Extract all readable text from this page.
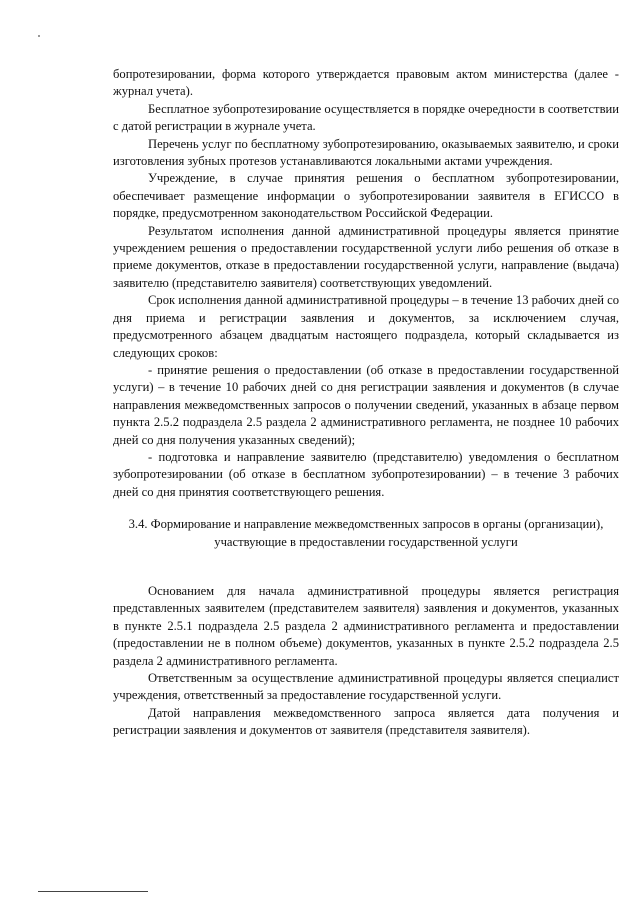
бопротезировании, форма которого утверждается правовым актом министерства (далее - журнал учета).

Бесплатное зубопротезирование осуществляется в порядке очередности в соответствии с датой регистрации в журнале учета.

Перечень услуг по бесплатному зубопротезированию, оказываемых заявителю, и сроки изготовления зубных протезов устанавливаются локальными актами учреждения.

Учреждение, в случае принятия решения о бесплатном зубопротезировании, обеспечивает размещение информации о зубопротезировании заявителя в ЕГИССО в порядке, предусмотренном законодательством Российской Федерации.

Результатом исполнения данной административной процедуры является принятие учреждением решения о предоставлении государственной услуги либо решения об отказе в приеме документов, отказе в предоставлении государственной услуги, направление (выдача) заявителю (представителю заявителя) соответствующих уведомлений.

Срок исполнения данной административной процедуры – в течение 13 рабочих дней со дня приема и регистрации заявления и документов, за исключением случая, предусмотренного абзацем двадцатым настоящего подраздела, который складывается из следующих сроков:

- принятие решения о предоставлении (об отказе в предоставлении государственной услуги) – в течение 10 рабочих дней со дня регистрации заявления и документов (в случае направления межведомственных запросов о получении сведений, указанных в абзаце первом пункта 2.5.2 подраздела 2.5 раздела 2 административного регламента, не позднее 10 рабочих дней со дня получения указанных сведений);

- подготовка и направление заявителю (представителю) уведомления о бесплатном зубопротезировании (об отказе в бесплатном зубопротезировании) – в течение 3 рабочих дней со дня принятия соответствующего решения.

3.4. Формирование и направление межведомственных запросов в органы (организации), участвующие в предоставлении государственной услуги

Основанием для начала административной процедуры является регистрация представленных заявителем (представителем заявителя) заявления и документов, указанных в пункте 2.5.1 подраздела 2.5 раздела 2 административного регламента и предоставлении (предоставлении не в полном объеме) документов, указанных в пункте 2.5.2 подраздела 2.5 раздела 2 административного регламента.

Ответственным за осуществление административной процедуры является специалист учреждения, ответственный за предоставление государственной услуги.

Датой направления межведомственного запроса является дата получения и регистрации заявления и документов от заявителя (представителя заявителя).
